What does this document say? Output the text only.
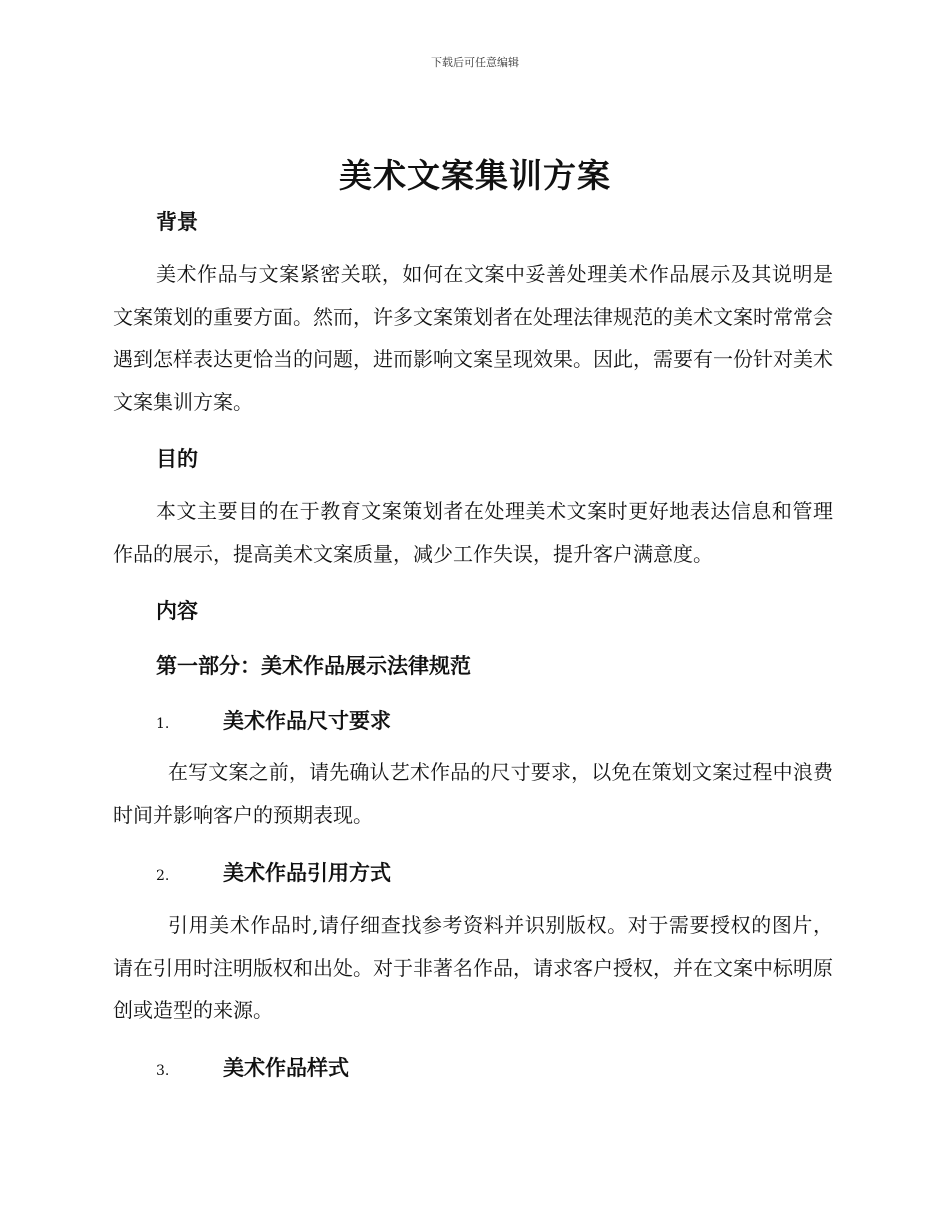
下载后可任意编辑
美术文案集训方案
背景

美术作品与文案紧密关联，如何在文案中妥善处理美术作品展示及其说明是文案策划的重要方面。然而，许多文案策划者在处理法律规范的美术文案时常常会遇到怎样表达更恰当的问题，进而影响文案呈现效果。因此，需要有一份针对美术文案集训方案。

目的

本文主要目的在于教育文案策划者在处理美术文案时更好地表达信息和管理作品的展示，提高美术文案质量，减少工作失误，提升客户满意度。

内容
第一部分：美术作品展示法律规范
1.	美术作品尺寸要求

在写文案之前，请先确认艺术作品的尺寸要求，以免在策划文案过程中浪费时间并影响客户的预期表现。

2.	美术作品引用方式

引用美术作品时,请仔细查找参考资料并识别版权。对于需要授权的图片，请在引用时注明版权和出处。对于非著名作品，请求客户授权，并在文案中标明原创或造型的来源。

3.	美术作品样式
